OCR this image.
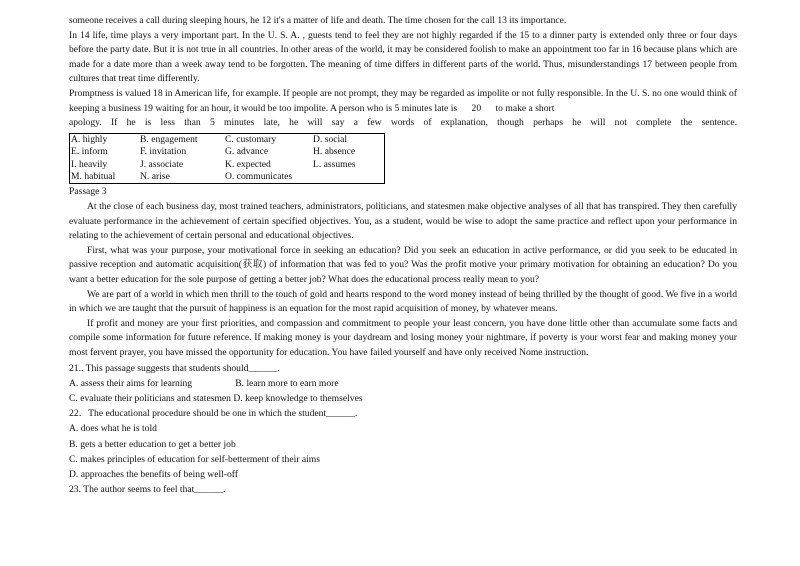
someone receives a call during sleeping hours, he 12 it's a matter of life and death. The time chosen for the call 13 its importance.

In 14 life, time plays a very important part. In the U. S. A. , guests tend to feel they are not highly regarded if the 15 to a dinner party is extended only three or four days before the party date. But it is not true in all countries. In other areas of the world, it may be considered foolish to make an appointment too far in 16 because plans which are made for a date more than a week away tend to be forgotten. The meaning of time differs in different parts of the world. Thus, misunderstandings 17 between people from cultures that treat time differently.

Promptness is valued 18 in American life, for example. If people are not prompt, they may be regarded as impolite or not fully responsible. In the U. S. no one would think of keeping a business 19 waiting for an hour, it would be too impolite. A person who is 5 minutes late is 20 to make a short

apology. If he is less than 5 minutes late, he will say a few words of explanation, though perhaps he will not complete the sentence.

A. highly	B. engagement	C. customary	D. social
E. inform	F. invitation	G. advance	H. absence
I. heavily	J. associate	K. expected	L. assumes
M. habitual	N. arise	O. communicates	

Passage 3

At the close of each business day, most trained teachers, administrators, politicians, and statesmen make objective analyses of all that has transpired. They then carefully evaluate performance in the achievement of certain specified objectives. You, as a student, would be wise to adopt the same practice and reflect upon your performance in relating to the achievement of certain personal and educational objectives.

First, what was your purpose, your motivational force in seeking an education? Did you seek an education in active performance, or did you seek to be educated in passive reception and automatic acquisition(获取) of information that was fed to you? Was the profit motive your primary motivation for obtaining an education? Do you want a better education for the sole purpose of getting a better job? What does the educational process really mean to you?

We are part of a world in which men thrill to the touch of gold and hearts respond to the word money instead of being thrilled by the thought of good. We five in a world in which we are taught that the pursuit of happiness is an equation for the most rapid acquisition of money, by whatever means.

If profit and money are your first priorities, and compassion and commitment to people your least concern, you have done little other than accumulate some facts and compile some information for future reference. If making money is your daydream and losing money your nightmare, if poverty is your worst fear and making money your most fervent prayer, you have missed the opportunity for education. You have failed yourself and have only received Nome instruction.

21.. This passage suggests that students should______.

A. assess their aims for learning	B. learn more to earn more

C. evaluate their politicians and statesmen D. keep knowledge to themselves

22．The educational procedure should be one in which the student______.

A. does what he is told

B. gets a better education to get a better job

C. makes principles of education for self-betterment of their aims

D. approaches the benefits of being well-off

23. The author seems to feel that______.
